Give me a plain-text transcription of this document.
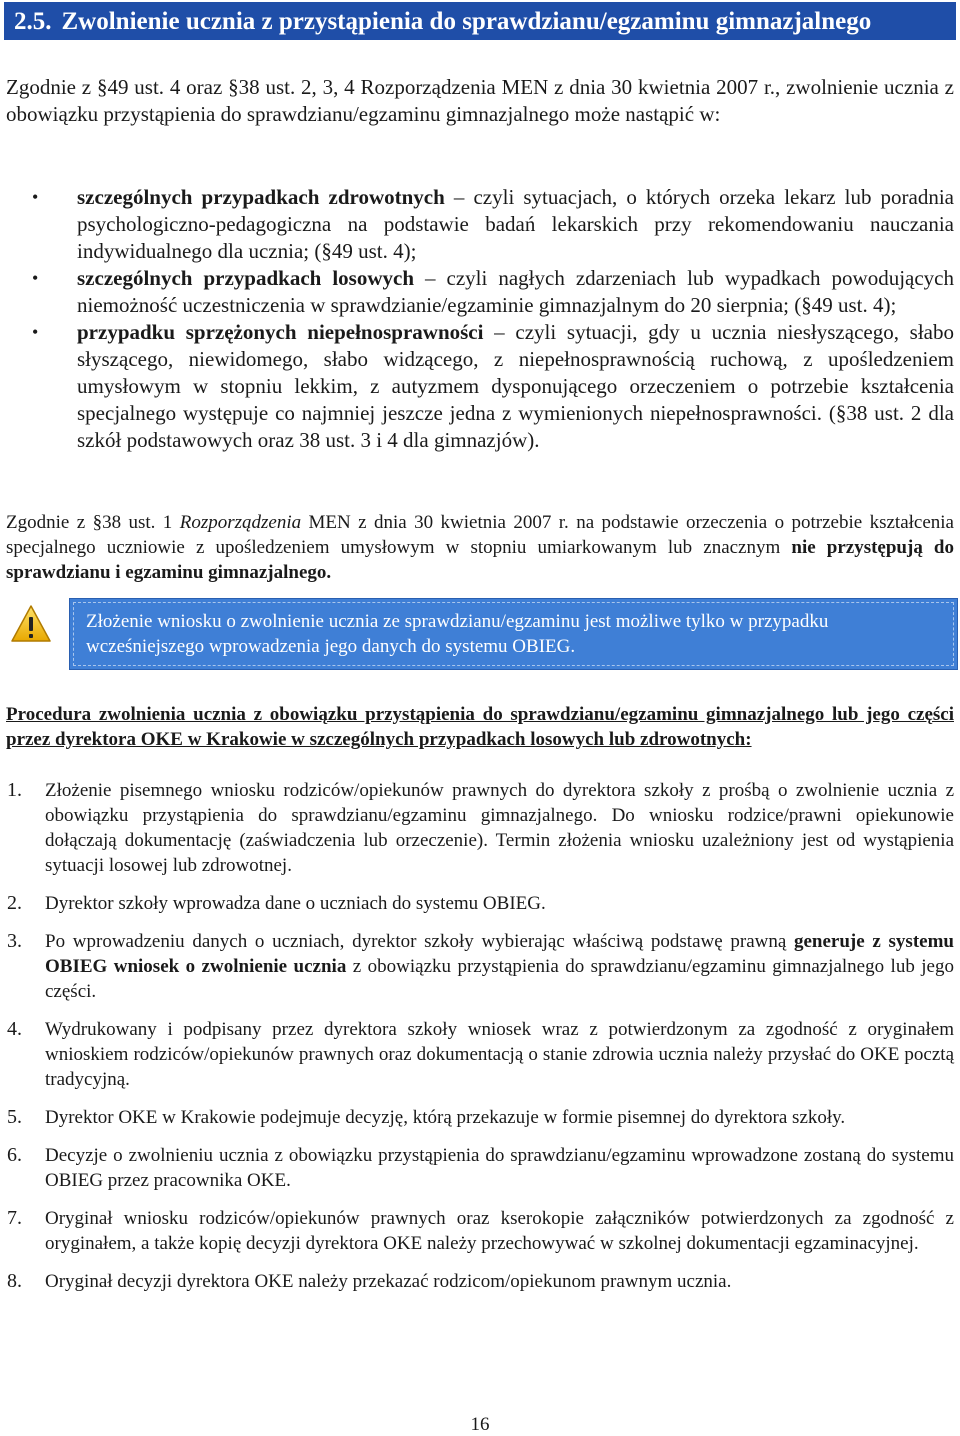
2.5. Zwolnienie ucznia z przystąpienia do sprawdzianu/egzaminu gimnazjalnego
Zgodnie z §49 ust. 4 oraz §38 ust. 2, 3, 4 Rozporządzenia MEN z dnia 30 kwietnia 2007 r., zwolnienie ucznia z obowiązku przystąpienia do sprawdzianu/egzaminu gimnazjalnego może nastąpić w:
• szczególnych przypadkach zdrowotnych – czyli sytuacjach, o których orzeka lekarz lub poradnia psychologiczno-pedagogiczna na podstawie badań lekarskich przy rekomendowaniu nauczania indywidualnego dla ucznia; (§49 ust. 4);
• szczególnych przypadkach losowych – czyli nagłych zdarzeniach lub wypadkach powodujących niemożność uczestniczenia w sprawdzianie/egzaminie gimnazjalnym do 20 sierpnia; (§49 ust. 4);
• przypadku sprzężonych niepełnosprawności – czyli sytuacji, gdy u ucznia niesłyszącego, słabo słyszącego, niewidomego, słabo widzącego, z niepełnosprawnością ruchową, z upośledzeniem umysłowym w stopniu lekkim, z autyzmem dysponującego orzeczeniem o potrzebie kształcenia specjalnego występuje co najmniej jeszcze jedna z wymienionych niepełnosprawności. (§38 ust. 2 dla szkół podstawowych oraz 38 ust. 3 i 4 dla gimnazjów).
Zgodnie z §38 ust. 1 Rozporządzenia MEN z dnia 30 kwietnia 2007 r. na podstawie orzeczenia o potrzebie kształcenia specjalnego uczniowie z upośledzeniem umysłowym w stopniu umiarkowanym lub znacznym nie przystępują do sprawdzianu i egzaminu gimnazjalnego.
Złożenie wniosku o zwolnienie ucznia ze sprawdzianu/egzaminu jest możliwe tylko w przypadku wcześniejszego wprowadzenia jego danych do systemu OBIEG.
Procedura zwolnienia ucznia z obowiązku przystąpienia do sprawdzianu/egzaminu gimnazjalnego lub jego części przez dyrektora OKE w Krakowie w szczególnych przypadkach losowych lub zdrowotnych:
1. Złożenie pisemnego wniosku rodziców/opiekunów prawnych do dyrektora szkoły z prośbą o zwolnienie ucznia z obowiązku przystąpienia do sprawdzianu/egzaminu gimnazjalnego. Do wniosku rodzice/prawni opiekunowie dołączają dokumentację (zaświadczenia lub orzeczenie). Termin złożenia wniosku uzależniony jest od wystąpienia sytuacji losowej lub zdrowotnej.
2. Dyrektor szkoły wprowadza dane o uczniach do systemu OBIEG.
3. Po wprowadzeniu danych o uczniach, dyrektor szkoły wybierając właściwą podstawę prawną generuje z systemu OBIEG wniosek o zwolnienie ucznia z obowiązku przystąpienia do sprawdzianu/egzaminu gimnazjalnego lub jego części.
4. Wydrukowany i podpisany przez dyrektora szkoły wniosek wraz z potwierdzonym za zgodność z oryginałem wnioskiem rodziców/opiekunów prawnych oraz dokumentacją o stanie zdrowia ucznia należy przysłać do OKE pocztą tradycyjną.
5. Dyrektor OKE w Krakowie podejmuje decyzję, którą przekazuje w formie pisemnej do dyrektora szkoły.
6. Decyzje o zwolnieniu ucznia z obowiązku przystąpienia do sprawdzianu/egzaminu wprowadzone zostaną do systemu OBIEG przez pracownika OKE.
7. Oryginał wniosku rodziców/opiekunów prawnych oraz kserokopie załączników potwierdzonych za zgodność z oryginałem, a także kopię decyzji dyrektora OKE należy przechowywać w szkolnej dokumentacji egzaminacyjnej.
8. Oryginał decyzji dyrektora OKE należy przekazać rodzicom/opiekunom prawnym ucznia.
16
